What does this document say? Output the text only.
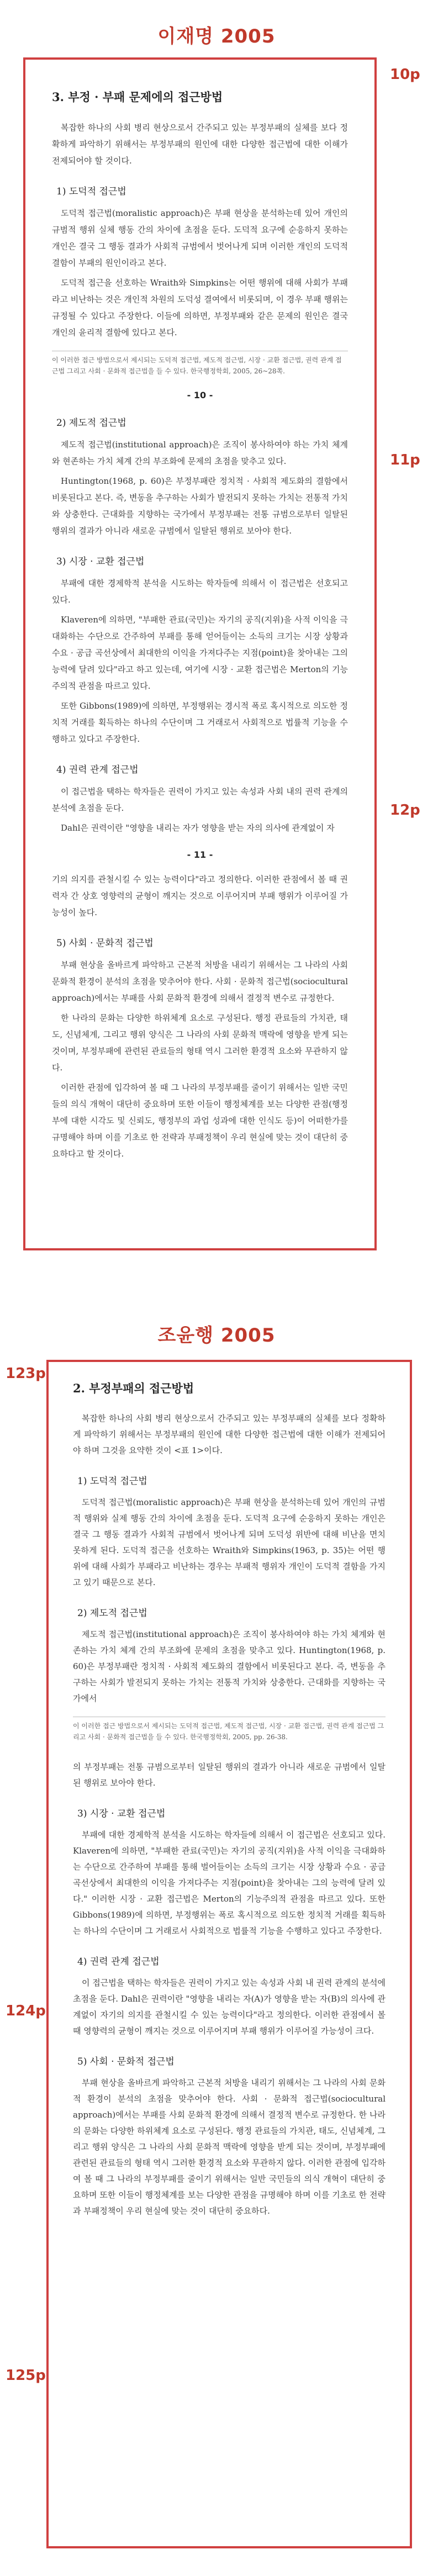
이재명 2005
3. 부정 · 부패 문제에의 접근방법

복잡한 하나의 사회 병리 현상으로서 간주되고 있는 부정부패의 실체를 보다 정확하게 파악하기 위해서는 부정부패의 원인에 대한 다양한 접근법에 대한 이해가 전제되어야 할 것이다.

1) 도덕적 접근법

도덕적 접근법(moralistic approach)은 부패 현상을 분석하는데 있어 개인의 규범적 행위 실체 행동 간의 차이에 초점을 둔다. 도덕적 요구에 순응하지 못하는 개인은 결국 그 행동 결과가 사회적 규범에서 벗어나게 되며 이러한 개인의 도덕적 결함이 부패의 원인이라고 본다.

도덕적 접근을 선호하는 Wraith와 Simpkins는 어떤 행위에 대해 사회가 부패라고 비난하는 것은 개인적 차원의 도덕성 결여에서 비롯되며, 이 경우 부패 행위는 규정될 수 있다고 주장한다. 이들에 의하면, 부정부패와 같은 문제의 원인은 결국 개인의 윤리적 결함에 있다고 본다.

이 이러한 접근 방법으로서 제시되는 도덕적 접근법, 제도적 접근법, 시장 · 교환 접근법, 권력 관계 접근법 그리고 사회 · 문화적 접근법을 들 수 있다. 한국행정학회, 2005, 26~28쪽.

- 10 -
2) 제도적 접근법

제도적 접근법(institutional approach)은 조직이 봉사하여야 하는 가치 체계와 현존하는 가치 체계 간의 부조화에 문제의 초점을 맞추고 있다.

Huntington(1968, p. 60)은 부정부패란 정치적 · 사회적 제도화의 결함에서 비롯된다고 본다. 즉, 변동을 추구하는 사회가 발전되지 못하는 가치는 전통적 가치와 상충한다. 근대화를 지향하는 국가에서 부정부패는 전통 규범으로부터 일탈된 행위의 결과가 아니라 새로운 규범에서 일탈된 행위로 보아야 한다.

3) 시장 · 교환 접근법

부패에 대한 경제학적 분석을 시도하는 학자들에 의해서 이 접근법은 선호되고 있다.

Klaveren에 의하면, "부패한 관료(국민)는 자기의 공직(지위)을 사적 이익을 극대화하는 수단으로 간주하여 부패를 통해 얻어들이는 소득의 크기는 시장 상황과 수요 · 공급 곡선상에서 최대한의 이익을 가져다주는 지점(point)을 찾아내는 그의 능력에 달려 있다"라고 하고 있는데, 여기에 시장 · 교환 접근법은 Merton의 기능주의적 관점을 따르고 있다.

또한 Gibbons(1989)에 의하면, 부정행위는 경시적 폭로 혹시적으로 의도한 정치적 거래를 획득하는 하나의 수단이며 그 거래로서 사회적으로 법률적 기능을 수행하고 있다고 주장한다.

4) 권력 관계 접근법

이 접근법을 택하는 학자들은 권력이 가지고 있는 속성과 사회 내의 권력 관계의 분석에 초점을 둔다.

Dahl은 권력이란 "영향을 내리는 자가 영향을 받는 자의 의사에 관계없이 자

- 11 -

기의 의지를 관철시킬 수 있는 능력이다"라고 정의한다. 이러한 관점에서 볼 때 권력자 간 상호 영향력의 균형이 깨지는 것으로 이루어지며 부패 행위가 이루어질 가능성이 높다.

5) 사회 · 문화적 접근법

부패 현상을 올바르게 파악하고 근본적 처방을 내리기 위해서는 그 나라의 사회 문화적 환경이 분석의 초점을 맞추어야 한다. 사회 · 문화적 접근법(sociocultural approach)에서는 부패를 사회 문화적 환경에 의해서 결정적 변수로 규정한다.

한 나라의 문화는 다양한 하위체계 요소로 구성된다. 행정 관료들의 가치관, 태도, 신념체계, 그리고 행위 양식은 그 나라의 사회 문화적 맥락에 영향을 받게 되는 것이며, 부정부패에 관련된 관료들의 형태 역시 그러한 환경적 요소와 무관하지 않다.

이러한 관점에 입각하여 볼 때 그 나라의 부정부패를 줄이기 위해서는 일반 국민들의 의식 개혁이 대단히 중요하며 또한 이들이 행정체계를 보는 다양한 관점(행정부에 대한 시각도 및 신뢰도, 행정부의 과업 성과에 대한 인식도 등)이 어떠한가를 규명해야 하며 이를 기초로 한 전략과 부패정책이 우리 현실에 맞는 것이 대단히 중요하다고 할 것이다.

10p
11p
12p
조윤행 2005
2. 부정부패의 접근방법

복잡한 하나의 사회 병리 현상으로서 간주되고 있는 부정부패의 실체를 보다 정확하게 파악하기 위해서는 부정부패의 원인에 대한 다양한 접근법에 대한 이해가 전제되어야 하며 그것을 요약한 것이 <표 1>이다.

1) 도덕적 접근법

도덕적 접근법(moralistic approach)은 부패 현상을 분석하는데 있어 개인의 규범적 행위와 실제 행동 간의 차이에 초점을 둔다. 도덕적 요구에 순응하지 못하는 개인은 결국 그 행동 결과가 사회적 규범에서 벗어나게 되며 도덕성 위반에 대해 비난을 면치 못하게 된다. 도덕적 접근을 선호하는 Wraith와 Simpkins(1963, p. 35)는 어떤 행위에 대해 사회가 부패라고 비난하는 경우는 부패적 행위자 개인이 도덕적 결함을 가지고 있기 때문으로 본다.

2) 제도적 접근법

제도적 접근법(institutional approach)은 조직이 봉사하여야 하는 가치 체계와 현존하는 가치 체계 간의 부조화에 문제의 초점을 맞추고 있다. Huntington(1968, p. 60)은 부정부패란 정치적 · 사회적 제도화의 결함에서 비롯된다고 본다. 즉, 변동을 추구하는 사회가 발전되지 못하는 가치는 전통적 가치와 상충한다. 근대화를 지향하는 국가에서

이 이러한 접근 방법으로서 제시되는 도덕적 접근법, 제도적 접근법, 시장 · 교환 접근법, 권력 관계 접근법 그리고 사회 · 문화적 접근법을 들 수 있다. 한국행정학회, 2005, pp. 26-38.

의 부정부패는 전통 규범으로부터 일탈된 행위의 결과가 아니라 새로운 규범에서 일탈된 행위로 보아야 한다.

3) 시장 · 교환 접근법

부패에 대한 경제학적 분석을 시도하는 학자들에 의해서 이 접근법은 선호되고 있다. Klaveren에 의하면, "부패한 관료(국민)는 자기의 공직(지위)을 사적 이익을 극대화하는 수단으로 간주하여 부패를 통해 벌어들이는 소득의 크기는 시장 상황과 수요 · 공급 곡선상에서 최대한의 이익을 가져다주는 지점(point)을 찾아내는 그의 능력에 달려 있다." 이러한 시장 · 교환 접근법은 Merton의 기능주의적 관점을 따르고 있다. 또한 Gibbons(1989)에 의하면, 부정행위는 폭로 혹시적으로 의도한 정치적 거래를 획득하는 하나의 수단이며 그 거래로서 사회적으로 법률적 기능을 수행하고 있다고 주장한다.

4) 권력 관계 접근법

이 접근법을 택하는 학자들은 권력이 가지고 있는 속성과 사회 내 권력 관계의 분석에 초점을 둔다. Dahl은 권력이란 "영향을 내리는 자(A)가 영향을 받는 자(B)의 의사에 관계없이 자기의 의지를 관철시킬 수 있는 능력이다"라고 정의한다. 이러한 관점에서 볼 때 영향력의 균형이 깨지는 것으로 이루어지며 부패 행위가 이루어질 가능성이 크다.

5) 사회 · 문화적 접근법

부패 현상을 올바르게 파악하고 근본적 처방을 내리기 위해서는 그 나라의 사회 문화적 환경이 분석의 초점을 맞추어야 한다. 사회 · 문화적 접근법(sociocultural approach)에서는 부패를 사회 문화적 환경에 의해서 결정적 변수로 규정한다. 한 나라의 문화는 다양한 하위체계 요소로 구성된다. 행정 관료들의 가치관, 태도, 신념체계, 그리고 행위 양식은 그 나라의 사회 문화적 맥락에 영향을 받게 되는 것이며, 부정부패에 관련된 관료들의 형태 역시 그러한 환경적 요소와 무관하지 않다. 이러한 관점에 입각하여 볼 때 그 나라의 부정부패를 줄이기 위해서는 일반 국민들의 의식 개혁이 대단히 중요하며 또한 이들이 행정체계를 보는 다양한 관점을 규명해야 하며 이를 기초로 한 전략과 부패정책이 우리 현실에 맞는 것이 대단히 중요하다.

123p
124p
125p
